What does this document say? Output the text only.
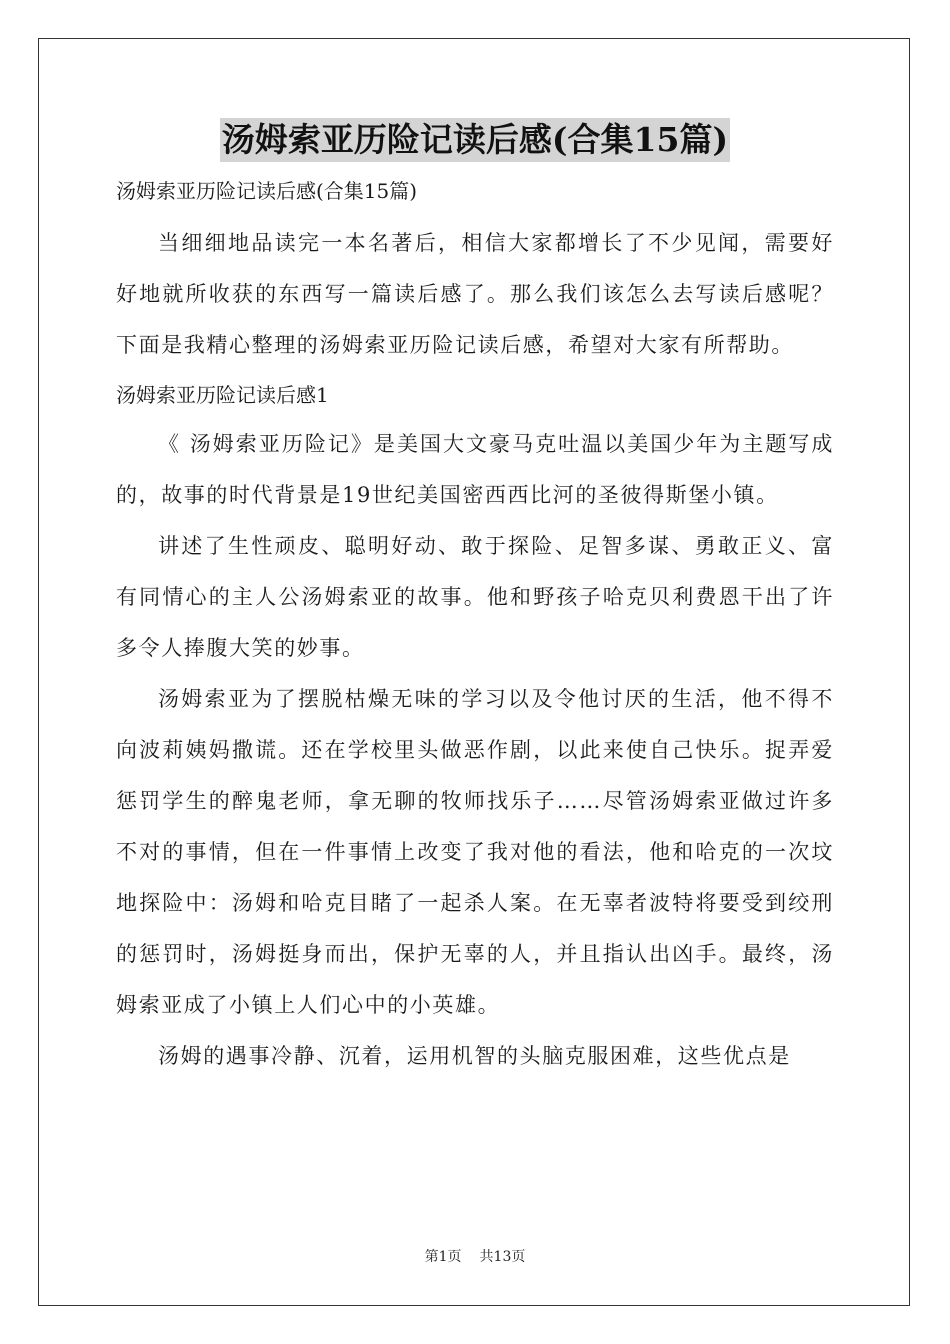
汤姆索亚历险记读后感(合集15篇)

汤姆索亚历险记读后感(合集15篇)

当细细地品读完一本名著后，相信大家都增长了不少见闻，需要好好地就所收获的东西写一篇读后感了。那么我们该怎么去写读后感呢？下面是我精心整理的汤姆索亚历险记读后感，希望对大家有所帮助。

汤姆索亚历险记读后感1

《 汤姆索亚历险记》是美国大文豪马克吐温以美国少年为主题写成的，故事的时代背景是19世纪美国密西西比河的圣彼得斯堡小镇。

讲述了生性顽皮、聪明好动、敢于探险、足智多谋、勇敢正义、富有同情心的主人公汤姆索亚的故事。他和野孩子哈克贝利费恩干出了许多令人捧腹大笑的妙事。

汤姆索亚为了摆脱枯燥无味的学习以及令他讨厌的生活，他不得不向波莉姨妈撒谎。还在学校里头做恶作剧，以此来使自己快乐。捉弄爱惩罚学生的醉鬼老师，拿无聊的牧师找乐子……尽管汤姆索亚做过许多不对的事情，但在一件事情上改变了我对他的看法，他和哈克的一次坟地探险中：汤姆和哈克目睹了一起杀人案。在无辜者波特将要受到绞刑的惩罚时，汤姆挺身而出，保护无辜的人，并且指认出凶手。最终，汤姆索亚成了小镇上人们心中的小英雄。

汤姆的遇事冷静、沉着，运用机智的头脑克服困难，这些优点是

第1页 共13页
